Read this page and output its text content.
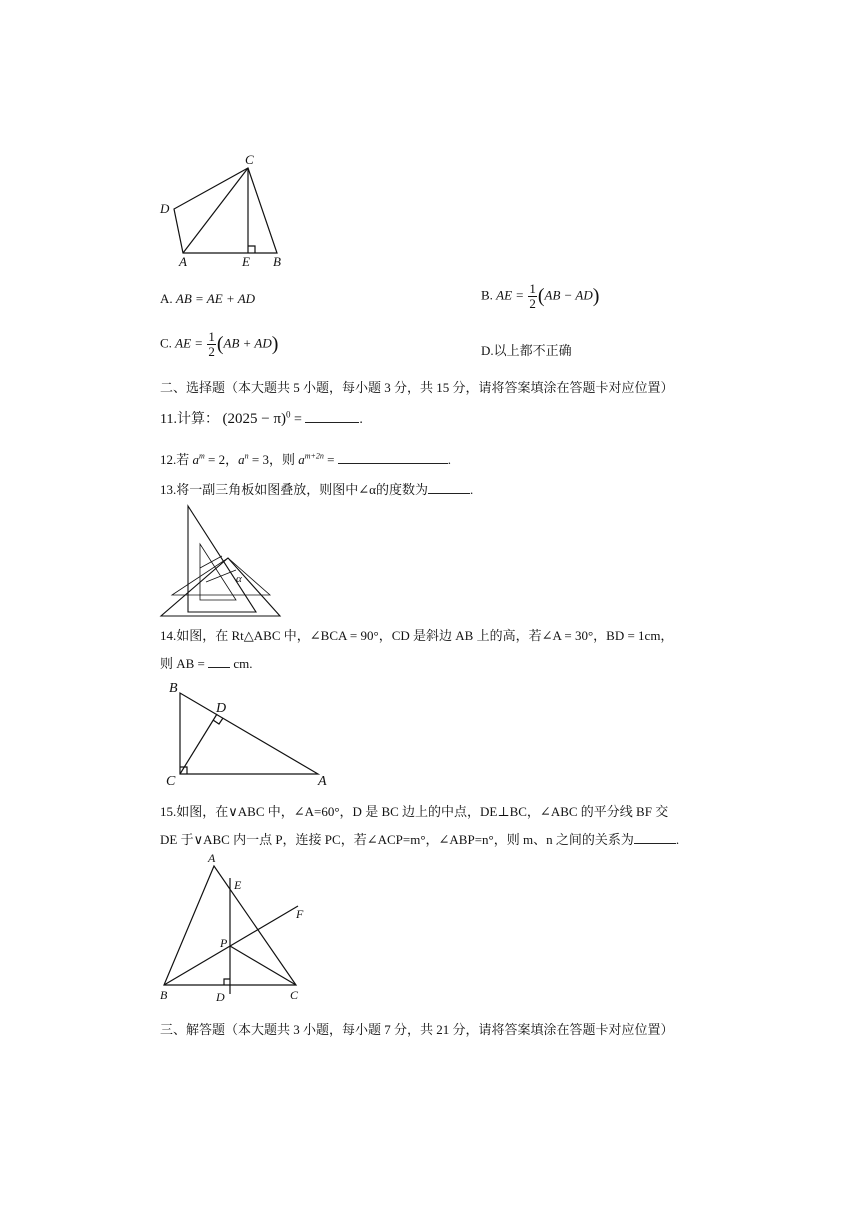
C
D
A	E B
A. AB = AE + AD	B. AE = $\frac{1}{2} (AB - AD)$
C. AE = $\frac{1}{2} (AB + AD)$	D.以上都不正确
二、选择题（本大题共 5 小题，每小题 3 分，共 15 分，请将答案填涂在答题卡对应位置）
11.计算： $(2025 - \pi)^0$ =	.
12.若 $a^m = 2$，$a^n = 3$，则 $a^{m+2n}$ =	.
13.将一副三角板如图叠放，则图中∠α的度数为	.
α
14.如图，在 Rt△ABC 中，∠BCA = 90°，CD 是斜边 AB 上的高，若∠A = 30°，BD = 1cm，
则 AB =  cm.
B
D
C	A
15.如图，在∨ABC 中，∠A=60°，D 是 BC 边上的中点，DE⊥BC，∠ABC 的平分线 BF 交
DE 于∨ABC 内一点 P，连接 PC，若∠ACP=m°，∠ABP=n°，则 m、n 之间的关系为	.
A
E
F
P
B	D	C
三、解答题（本大题共 3 小题，每小题 7 分，共 21 分，请将答案填涂在答题卡对应位置）
